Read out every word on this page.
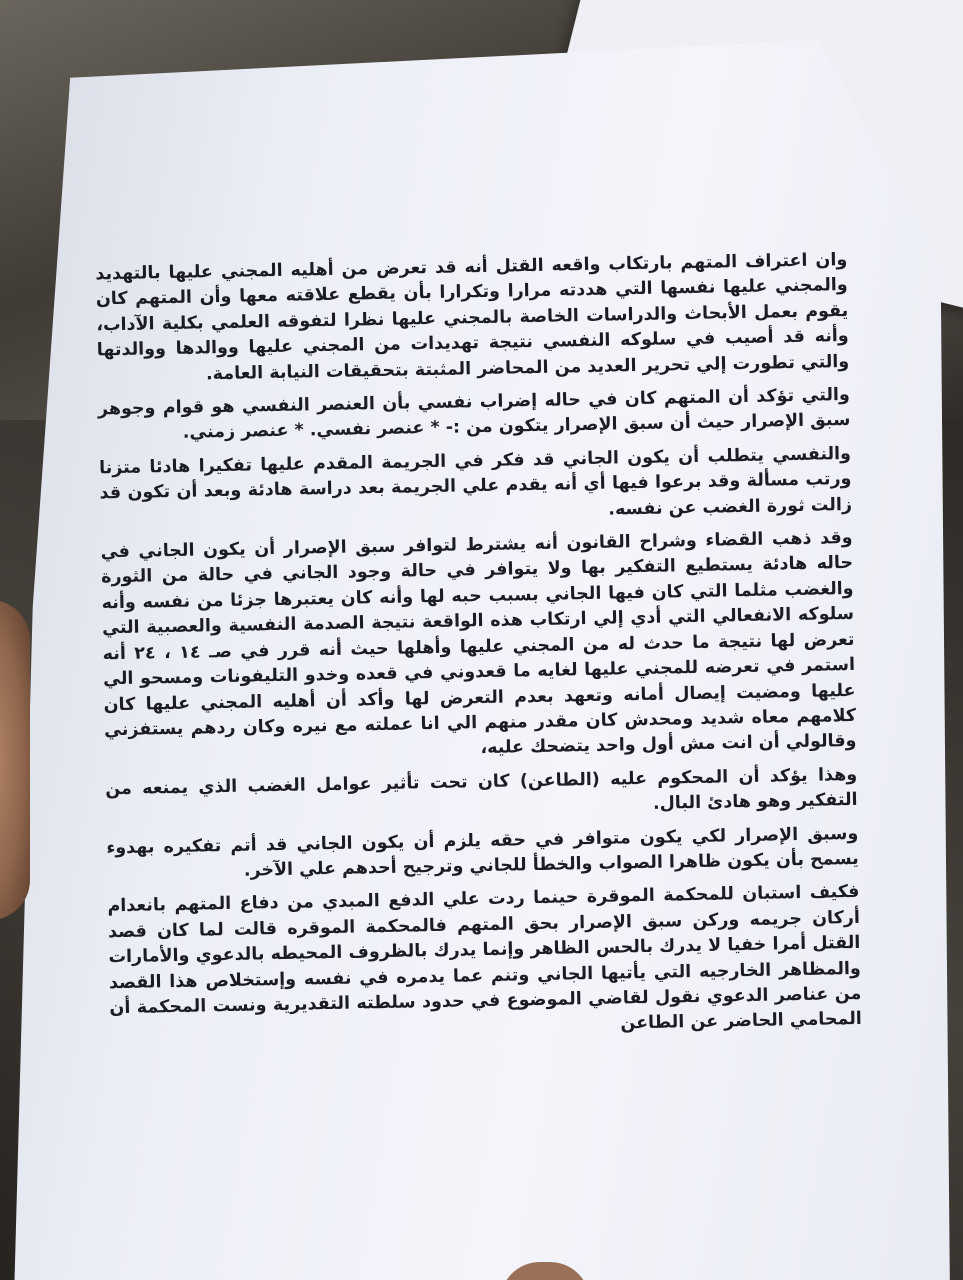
وان اعتراف المتهم بارتكاب واقعه القتل أنه قد تعرض من أهليه المجني عليها بالتهديد والمجني عليها نفسها التي هددته مرارا وتكرارا بأن يقطع علاقته معها وأن المتهم كان يقوم بعمل الأبحاث والدراسات الخاصة بالمجني عليها نظرا لتفوقه العلمي بكلية الآداب، وأنه قد أصيب في سلوكه النفسي نتيجة تهديدات من المجني عليها ووالدها ووالدتها والتي تطورت إلي تحرير العديد من المحاضر المثبتة بتحقيقات النيابة العامة.

والتي تؤكد أن المتهم كان في حاله إضراب نفسي بأن العنصر النفسي هو قوام وجوهر سبق الإصرار حيث أن سبق الإصرار يتكون من :- * عنصر نفسي. * عنصر زمني.

والنفسي يتطلب أن يكون الجاني قد فكر في الجريمة المقدم عليها تفكيرا هادئا متزنا ورتب مسألة وقد برعوا فيها أي أنه يقدم علي الجريمة بعد دراسة هادئة وبعد أن تكون قد زالت ثورة الغضب عن نفسه.

وقد ذهب القضاء وشراح القانون أنه يشترط لتوافر سبق الإصرار أن يكون الجاني في حاله هادئة يستطيع التفكير بها ولا يتوافر في حالة وجود الجاني في حالة من الثورة والغضب مثلما التي كان فيها الجاني بسبب حبه لها وأنه كان يعتبرها جزئا من نفسه وأنه سلوكه الانفعالي التي أدي إلي ارتكاب هذه الواقعة نتيجة الصدمة النفسية والعصبية التي تعرض لها نتيجة ما حدث له من المجني عليها وأهلها حيث أنه قرر في صـ ١٤ ، ٢٤ أنه استمر في تعرضه للمجني عليها لغايه ما قعدوني في قعده وخدو التليفونات ومسحو الي عليها ومضيت إيصال أمانه وتعهد بعدم التعرض لها وأكد أن أهليه المجني عليها كان كلامهم معاه شديد ومحدش كان مقدر منهم الي انا عملته مع نيره وكان ردهم يستفزني وقالولي أن انت مش أول واحد يتضحك عليه،

وهذا يؤكد أن المحكوم عليه (الطاعن) كان تحت تأثير عوامل الغضب الذي يمنعه من التفكير وهو هادئ البال.

وسبق الإصرار لكي يكون متوافر في حقه يلزم أن يكون الجاني قد أتم تفكيره بهدوء يسمح بأن يكون ظاهرا الصواب والخطأ للجاني وترجيح أحدهم علي الآخر.

فكيف استبان للمحكمة الموقرة حينما ردت علي الدفع المبدي من دفاع المتهم بانعدام أركان جريمه وركن سبق الإصرار بحق المتهم فالمحكمة الموقره قالت لما كان قصد القتل أمرا خفيا لا يدرك بالحس الظاهر وإنما يدرك بالظروف المحيطه بالدعوي والأمارات والمظاهر الخارجيه التي يأتيها الجاني وتنم عما يدمره في نفسه وإستخلاص هذا القصد من عناصر الدعوي نقول لقاضي الموضوع في حدود سلطته التقديرية ونست المحكمة أن المحامي الحاضر عن الطاعن
